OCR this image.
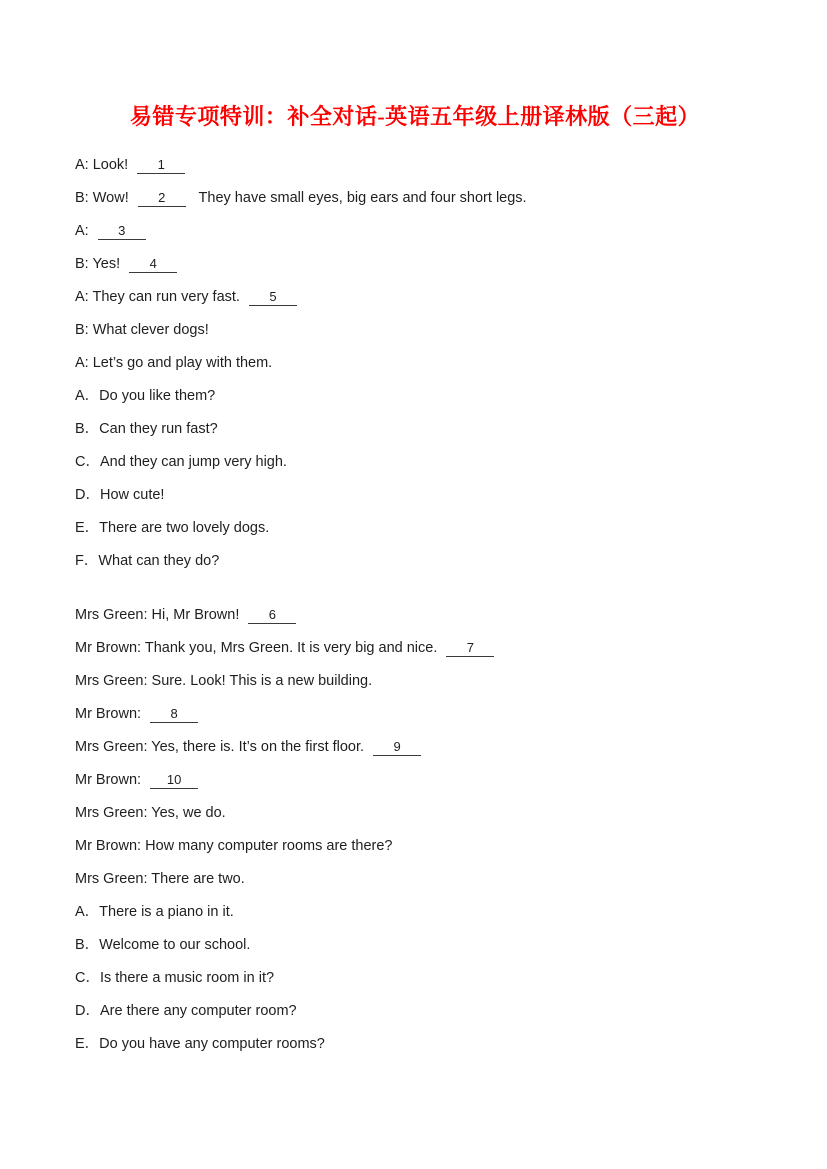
易错专项特训：补全对话-英语五年级上册译林版（三起）

A: Look! 1

B: Wow! 2  They have small eyes, big ears and four short legs.

A: 3

B: Yes! 4

A: They can run very fast. 5

B: What clever dogs!

A: Let’s go and play with them.

A．Do you like them?

B．Can they run fast?

C．And they can jump very high.

D．How cute!

E．There are two lovely dogs.

F．What can they do?

Mrs Green: Hi, Mr Brown! 6

Mr Brown: Thank you, Mrs Green. It is very big and nice. 7

Mrs Green: Sure. Look! This is a new building.

Mr Brown: 8

Mrs Green: Yes, there is. It’s on the first floor. 9

Mr Brown: 10

Mrs Green: Yes, we do.

Mr Brown: How many computer rooms are there?

Mrs Green: There are two.

A．There is a piano in it.

B．Welcome to our school.

C．Is there a music room in it?

D．Are there any computer room?

E．Do you have any computer rooms?
